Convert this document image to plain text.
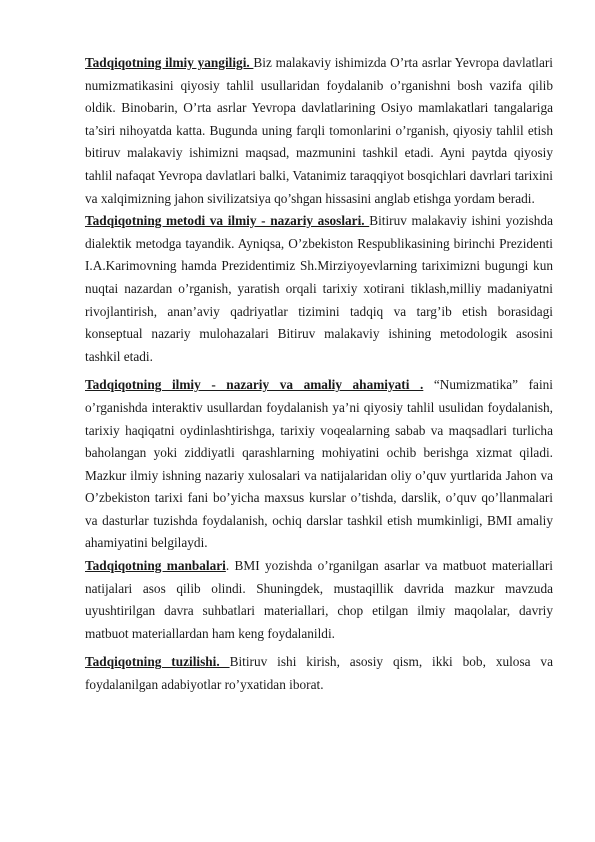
Tadqiqotning ilmiy yangiligi. Biz malakaviy ishimizda O’rta asrlar Yevropa davlatlari numizmatikasini qiyosiy tahlil usullaridan foydalanib o’rganishni bosh vazifa qilib oldik. Binobarin, O’rta asrlar Yevropa davlatlarining Osiyo mamlakatlari tangalariga ta’siri nihoyatda katta. Bugunda uning farqli tomonlarini o’rganish, qiyosiy tahlil etish bitiruv malakaviy ishimizni maqsad, mazmunini tashkil etadi. Ayni paytda qiyosiy tahlil nafaqat Yevropa davlatlari balki, Vatanimiz taraqqiyot bosqichlari davrlari tarixini va xalqimizning jahon sivilizatsiya qo’shgan hissasini anglab etishga yordam beradi.

Tadqiqotning metodi va ilmiy - nazariy asoslari. Bitiruv malakaviy ishini yozishda dialektik metodga tayandik. Ayniqsa, O’zbekiston Respublikasining birinchi Prezidenti I.A.Karimovning hamda Prezidentimiz Sh.Mirziyoyevlarning tariximizni bugungi kun nuqtai nazardan o’rganish, yaratish orqali tarixiy xotirani tiklash,milliy madaniyatni rivojlantirish, anan’aviy qadriyatlar tizimini tadqiq va targ’ib etish borasidagi konseptual nazariy mulohazalari Bitiruv malakaviy ishining metodologik asosini tashkil etadi.

Tadqiqotning ilmiy - nazariy va amaliy ahamiyati . “Numizmatika” faini o’rganishda interaktiv usullardan foydalanish ya’ni qiyosiy tahlil usulidan foydalanish, tarixiy haqiqatni oydinlashtirishga, tarixiy voqealarning sabab va maqsadlari turlicha baholangan yoki ziddiyatli qarashlarning mohiyatini ochib berishga xizmat qiladi. Mazkur ilmiy ishning nazariy xulosalari va natijalaridan oliy o’quv yurtlarida Jahon va O’zbekiston tarixi fani bo’yicha maxsus kurslar o’tishda, darslik, o’quv qo’llanmalari va dasturlar tuzishda foydalanish, ochiq darslar tashkil etish mumkinligi, BMI amaliy ahamiyatini belgilaydi.

Tadqiqotning manbalari. BMI yozishda o’rganilgan asarlar va matbuot materiallari natijalari asos qilib olindi. Shuningdek, mustaqillik davrida mazkur mavzuda uyushtirilgan davra suhbatlari materiallari, chop etilgan ilmiy maqolalar, davriy matbuot materiallardan ham keng foydalanildi.

Tadqiqotning tuzilishi. Bitiruv ishi kirish, asosiy qism, ikki bob, xulosa va foydalanilgan adabiyotlar ro’yxatidan iborat.
